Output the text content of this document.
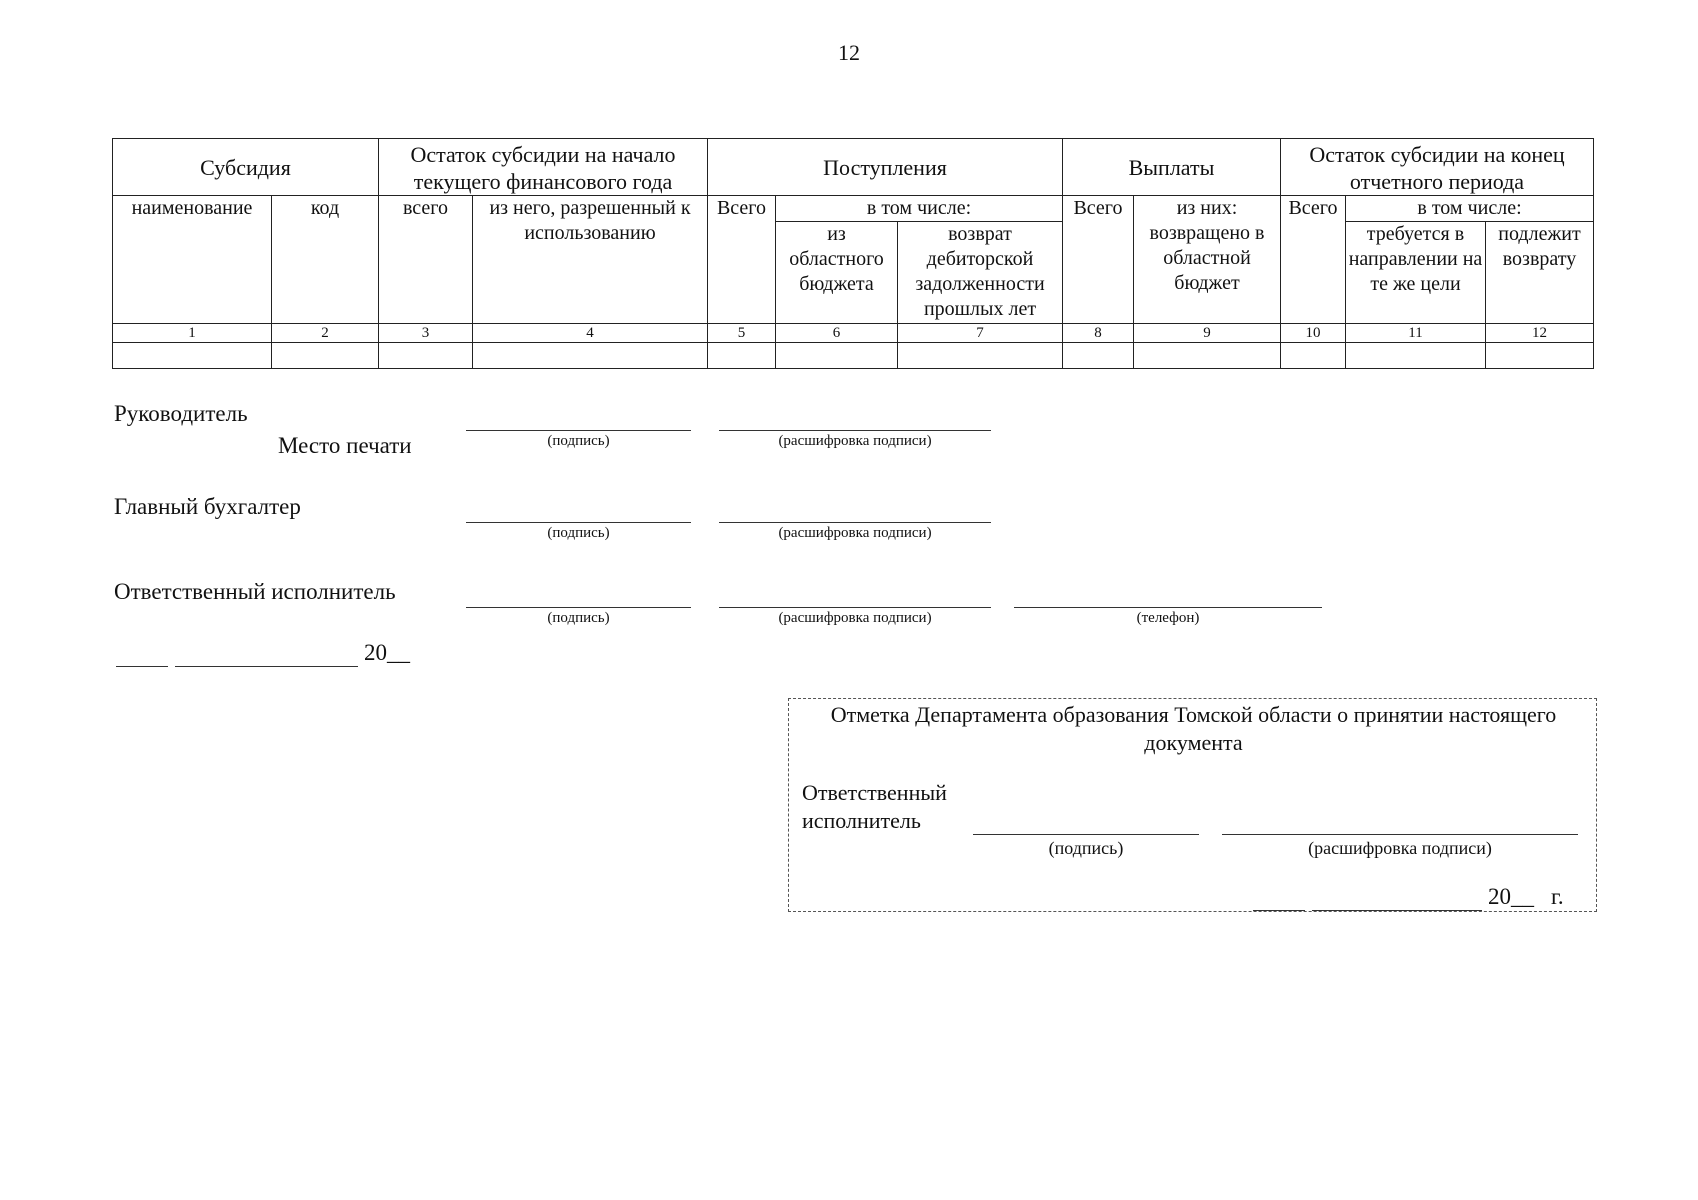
12
Субсидия		Остаток субсидии на начало текущего финансового года		Поступления			Выплаты		Остаток субсидии на конец отчетного периода		
наименование	код	всего	из него, разрешенный к использованию	Всего	в том числе:		Всего	из них: возвращено в областной бюджет	Всего	в том числе:	
					из областного бюджета	возврат дебиторской задолженности прошлых лет				требуется в направлении на те же цели	подлежит возврату
1	2	3	4	5	6	7	8	9	10	11	12

Руководитель
Место печати	(подпись)	(расшифровка подписи)
Главный бухгалтер
(подпись)	(расшифровка подписи)
Ответственный исполнитель
(подпись)	(расшифровка подписи)	(телефон)
20__
Отметка Департамента образования Томской области о принятии настоящего документа
Ответственный
исполнитель
(подпись)	(расшифровка подписи)
20__ г.
